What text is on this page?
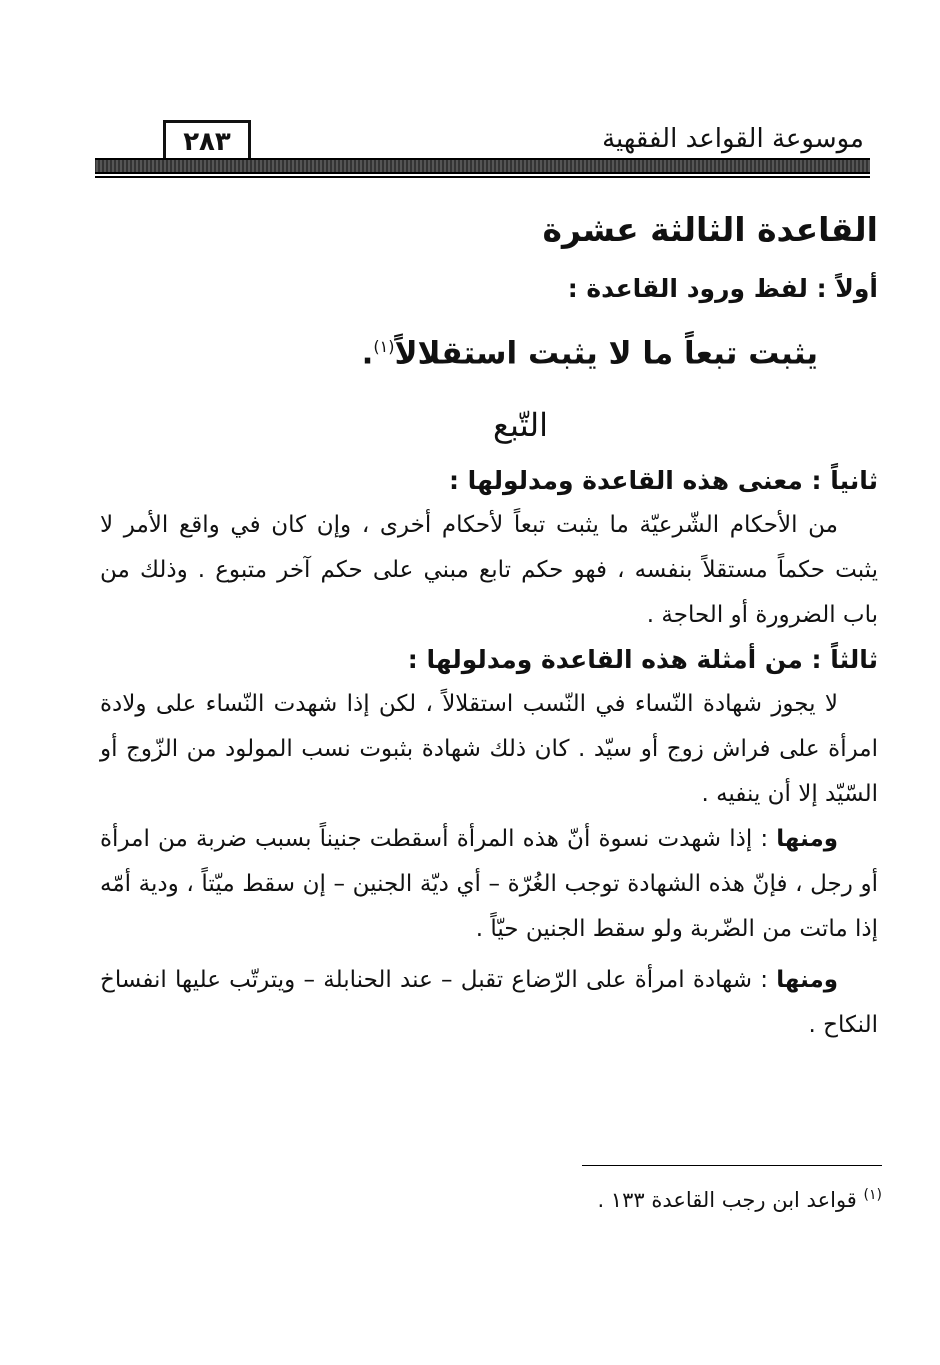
موسوعة القواعد الفقهية
٢٨٣
القاعدة الثالثة عشرة

أولاً : لفظ ورود القاعدة :

يثبت تبعاً ما لا يثبت استقلالاً$^{(١)}$.

التّبع

ثانياً : معنى هذه القاعدة ومدلولها :

من الأحكام الشّرعيّة ما يثبت تبعاً لأحكام أخرى ، وإن كان في واقع الأمر لا يثبت حكماً مستقلاً بنفسه ، فهو حكم تابع مبني على حكم آخر متبوع . وذلك من باب الضرورة أو الحاجة .

ثالثاً : من أمثلة هذه القاعدة ومدلولها :

لا يجوز شهادة النّساء في النّسب استقلالاً ، لكن إذا شهدت النّساء على ولادة امرأة على فراش زوج أو سيّد . كان ذلك شهادة بثبوت نسب المولود من الزّوج أو السّيّد إلا أن ينفيه .

ومنها : إذا شهدت نسوة أنّ هذه المرأة أسقطت جنيناً بسبب ضربة من امرأة أو رجل ، فإنّ هذه الشهادة توجب الغُرّة – أي ديّة الجنين – إن سقط ميّتاً ، ودية أمّه إذا ماتت من الضّربة ولو سقط الجنين حيّاً .

ومنها : شهادة امرأة على الرّضاع تقبل – عند الحنابلة – ويترتّب عليها انفساخ النكاح .

$^{(١)}$ قواعد ابن رجب القاعدة ١٣٣ .
